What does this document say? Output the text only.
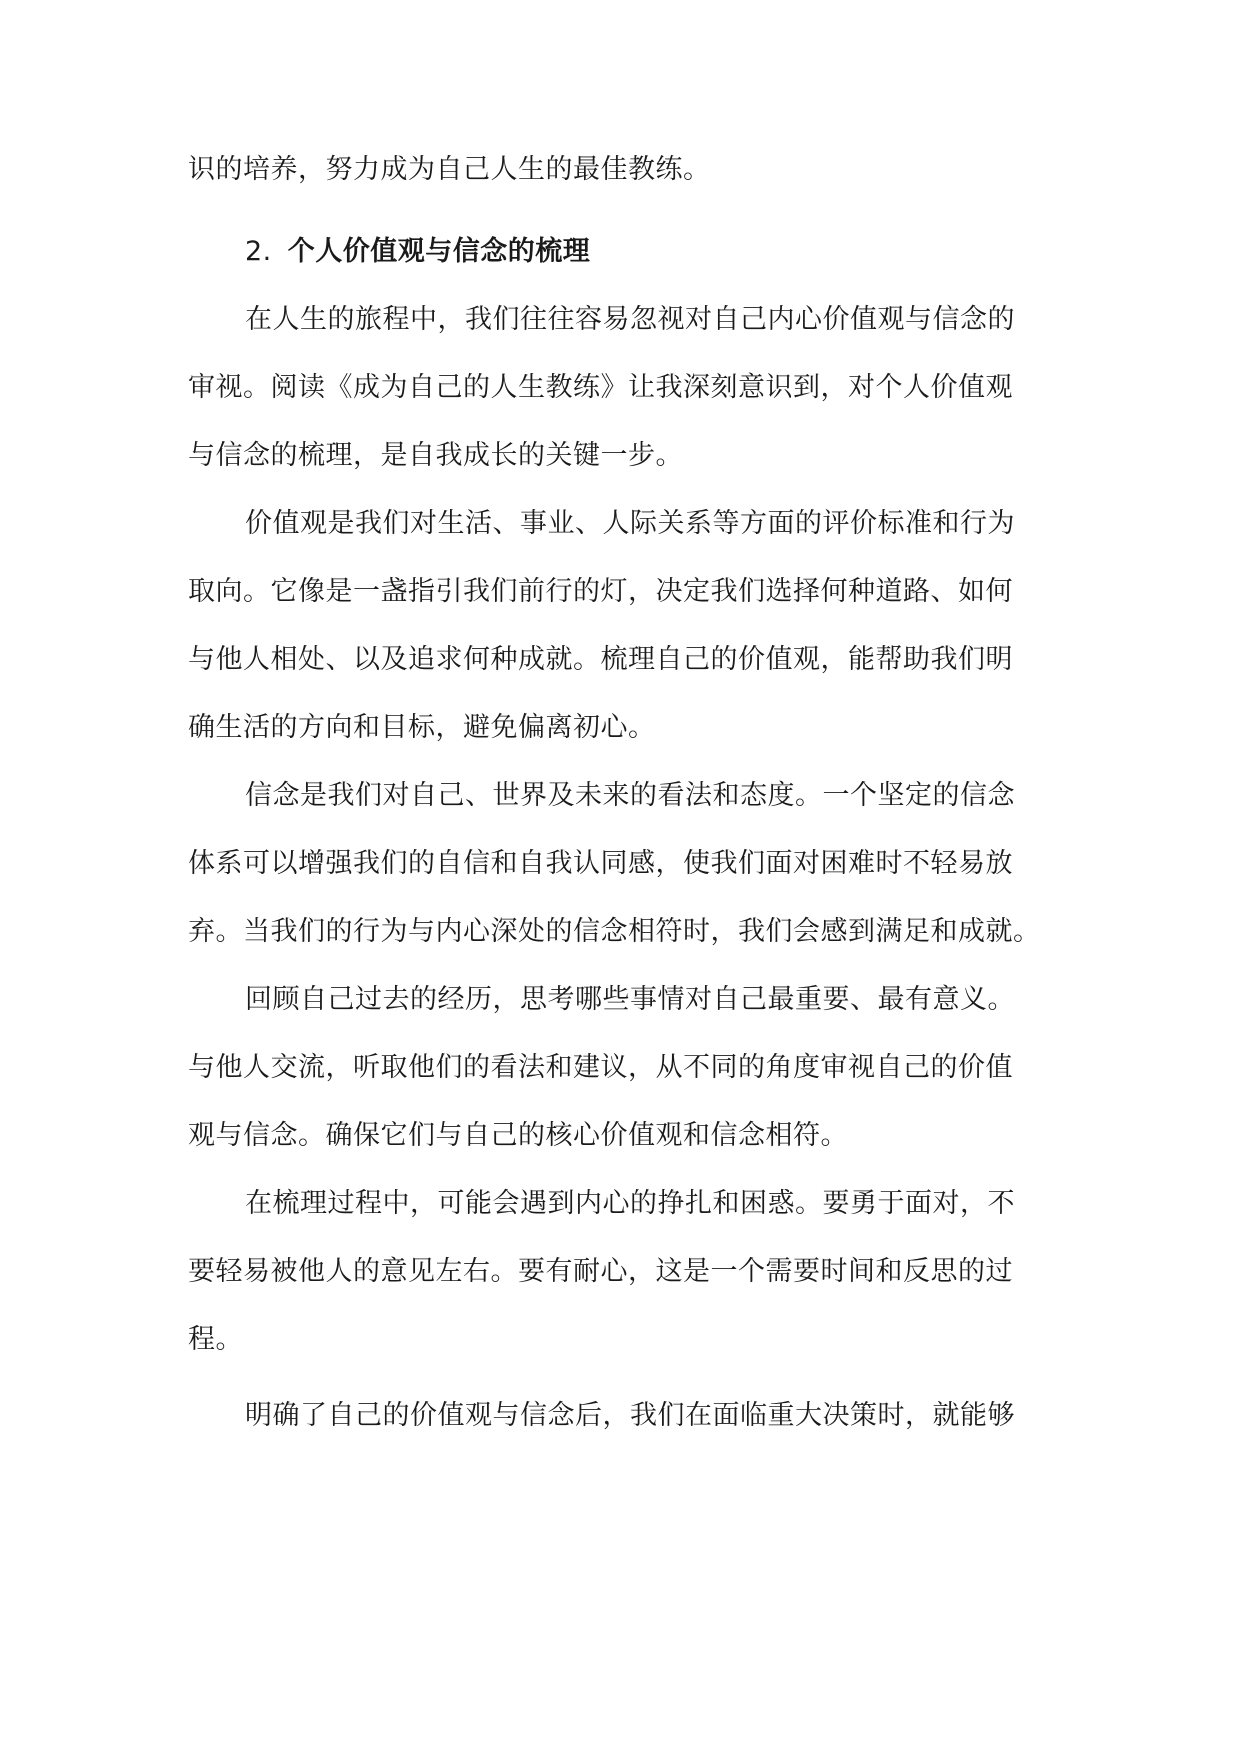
识的培养，努力成为自己人生的最佳教练。
2. 个人价值观与信念的梳理
在人生的旅程中，我们往往容易忽视对自己内心价值观与信念的
审视。阅读《成为自己的人生教练》让我深刻意识到，对个人价值观
与信念的梳理，是自我成长的关键一步。
价值观是我们对生活、事业、人际关系等方面的评价标准和行为
取向。它像是一盏指引我们前行的灯，决定我们选择何种道路、如何
与他人相处、以及追求何种成就。梳理自己的价值观，能帮助我们明
确生活的方向和目标，避免偏离初心。
信念是我们对自己、世界及未来的看法和态度。一个坚定的信念
体系可以增强我们的自信和自我认同感，使我们面对困难时不轻易放
弃。当我们的行为与内心深处的信念相符时，我们会感到满足和成就。
回顾自己过去的经历，思考哪些事情对自己最重要、最有意义。
与他人交流，听取他们的看法和建议，从不同的角度审视自己的价值
观与信念。确保它们与自己的核心价值观和信念相符。
在梳理过程中，可能会遇到内心的挣扎和困惑。要勇于面对，不
要轻易被他人的意见左右。要有耐心，这是一个需要时间和反思的过
程。
明确了自己的价值观与信念后，我们在面临重大决策时，就能够
